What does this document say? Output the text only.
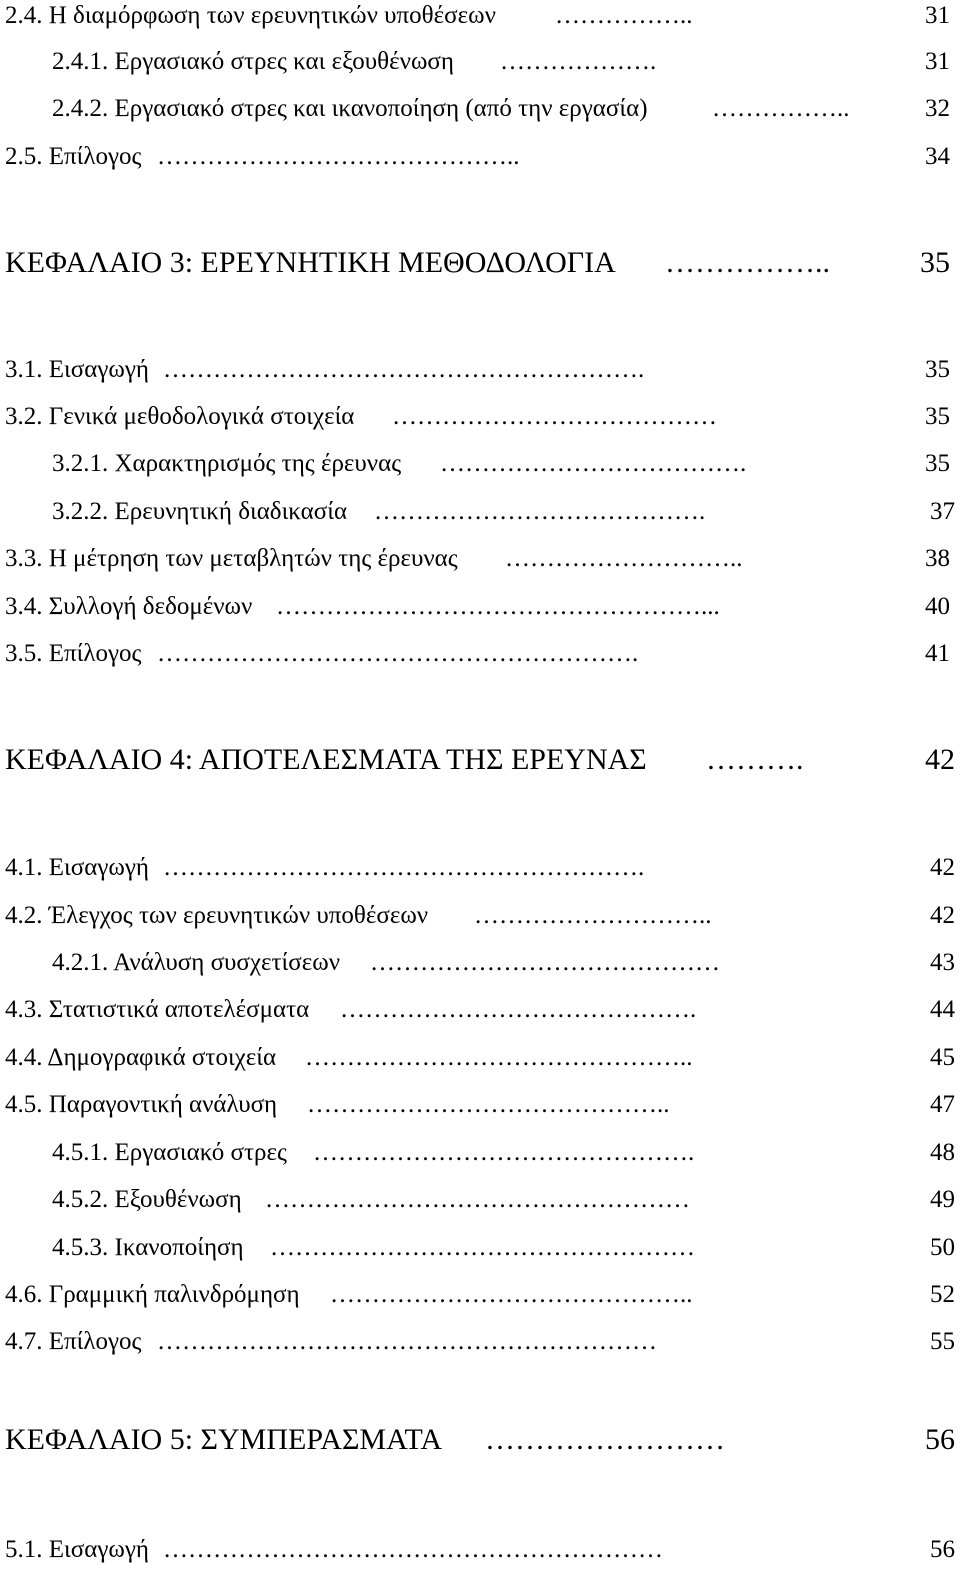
2.4. Η διαμόρφωση των ερευνητικών υποθέσεων ……………..	31
2.4.1. Εργασιακό στρες και εξουθένωση ……………….	31
2.4.2. Εργασιακό στρες και ικανοποίηση (από την εργασία)	……………..	32
2.5. Επίλογος ……………………………………..	34
ΚΕΦΑΛΑΙΟ 3: ΕΡΕΥΝΗΤΙΚΗ ΜΕΘΟΔΟΛΟΓΙΑ ……………..	35
3.1. Εισαγωγή ………………………………………………….	35
3.2. Γενικά μεθοδολογικά στοιχεία …………………………………	35
3.2.1. Χαρακτηρισμός της έρευνας ……………………………….	35
3.2.2. Ερευνητική διαδικασία ………………………………….	37
3.3. Η μέτρηση των μεταβλητών της έρευνας ………………………..	38
3.4. Συλλογή δεδομένων ……………………………………………...	40
3.5. Επίλογος ………………………………………………….	41
ΚΕΦΑΛΑΙΟ 4: ΑΠΟΤΕΛΕΣΜΑΤΑ ΤΗΣ ΕΡΕΥΝΑΣ ……….	42
4.1. Εισαγωγή ………………………………………………….	42
4.2. Έλεγχος των ερευνητικών υποθέσεων ………………………..	42
4.2.1. Ανάλυση συσχετίσεων ……………………………………	43
4.3. Στατιστικά αποτελέσματα …………………………………….	44
4.4. Δημογραφικά στοιχεία ………………………………………..	45
4.5. Παραγοντική ανάλυση ……………………………………..	47
4.5.1. Εργασιακό στρες ……………………………………….	48
4.5.2. Εξουθένωση ……………………………………………	49
4.5.3. Ικανοποίηση ……………………………………………	50
4.6. Γραμμική παλινδρόμηση ……………………………………..	52
4.7. Επίλογος ……………………………………………………	55
ΚΕΦΑΛΑΙΟ 5: ΣΥΜΠΕΡΑΣΜΑΤΑ ……………………	56
5.1. Εισαγωγή ……………………………………………………	56
